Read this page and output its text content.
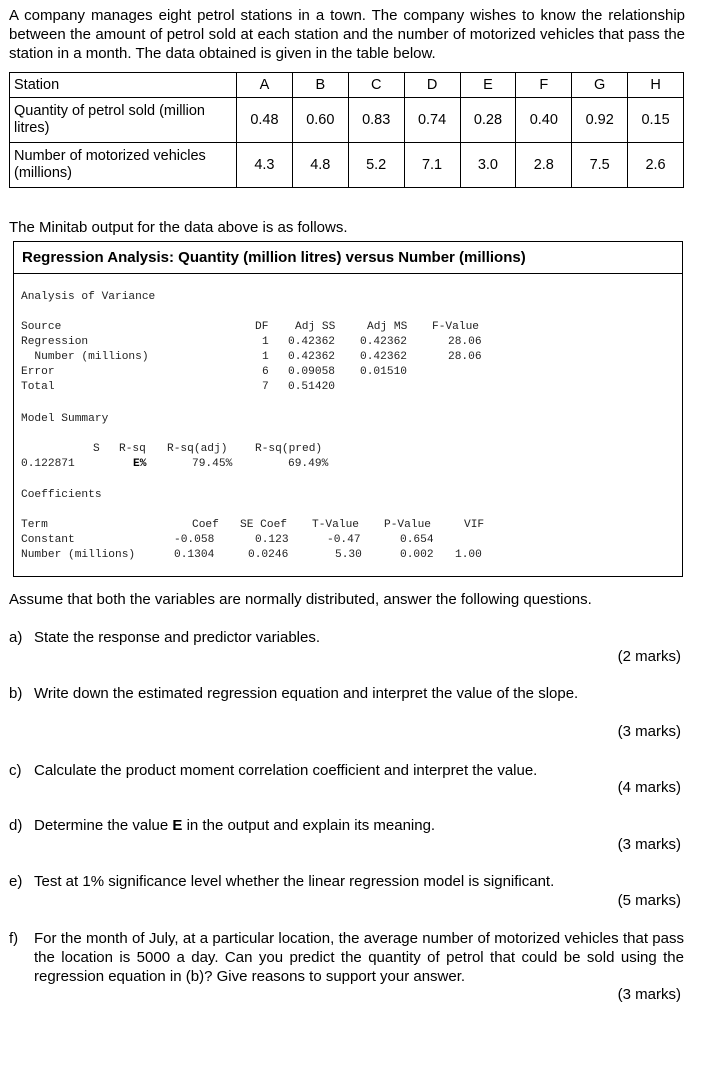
A company manages eight petrol stations in a town. The company wishes to know the relationship between the amount of petrol sold at each station and the number of motorized vehicles that pass the station in a month. The data obtained is given in the table below.
Station	A	B	C	D	E	F	G	H
Quantity of petrol sold (million litres)	0.48	0.60	0.83	0.74	0.28	0.40	0.92	0.15
Number of motorized vehicles (millions)	4.3	4.8	5.2	7.1	3.0	2.8	7.5	2.6
The Minitab output for the data above is as follows.
Regression Analysis: Quantity (million litres) versus Number (millions)
Analysis of Variance
Source	DF Adj SS	Adj MS F-Value
Regression	1 0.42362 0.42362	28.06
Number (millions)	1 0.42362 0.42362	28.06
Error	6 0.09058 0.01510
Total	7 0.51420
Model Summary
S R-sq R-sq(adj) R-sq(pred)
0.122871	E%	79.45%	69.49%
Coefficients
Term	Coef SE Coef T-Value P-Value	VIF
Constant	-0.058	0.123	-0.47	0.654
Number (millions)	0.1304	0.0246	5.30	0.002 1.00
Assume that both the variables are normally distributed, answer the following questions.
a) State the response and predictor variables.
(2 marks)
b) Write down the estimated regression equation and interpret the value of the slope.
(3 marks)
c) Calculate the product moment correlation coefficient and interpret the value.
(4 marks)
d) Determine the value E in the output and explain its meaning.
(3 marks)
e) Test at 1% significance level whether the linear regression model is significant.
(5 marks)
f) For the month of July, at a particular location, the average number of motorized vehicles that pass the location is 5000 a day. Can you predict the quantity of petrol that could be sold using the regression equation in (b)? Give reasons to support your answer.
(3 marks)
